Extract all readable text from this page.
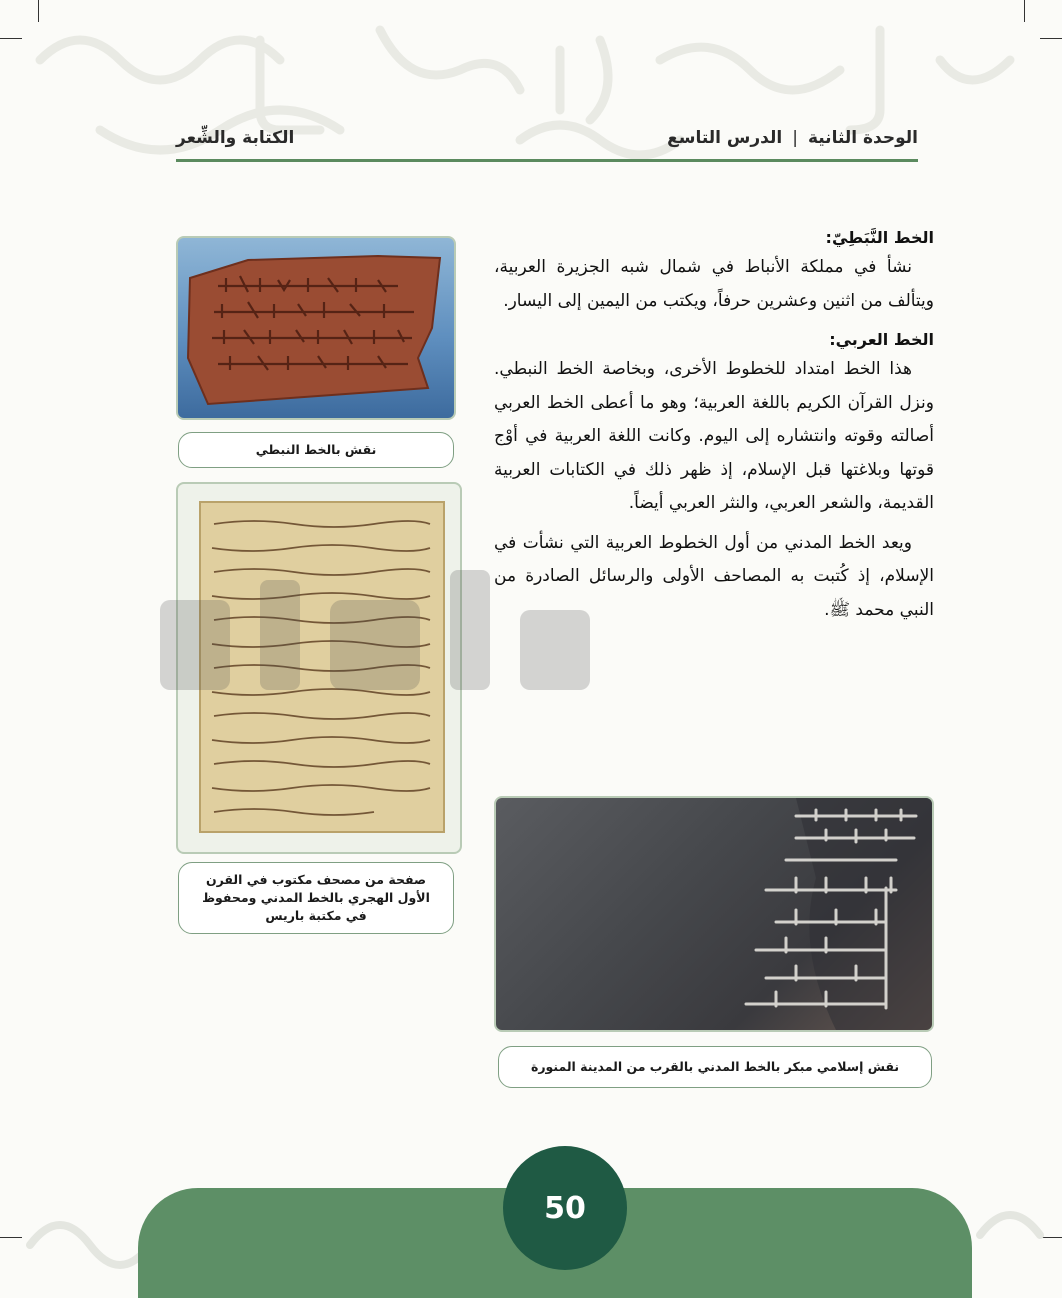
الوحدة الثانية|الدرس التاسع
الكتابة والشِّعر
الخط النَّبَطِيّ:

نشأ في مملكة الأنباط في شمال شبه الجزيرة العربية، ويتألف من اثنين وعشرين حرفاً، ويكتب من اليمين إلى اليسار.

الخط العربي:

هذا الخط امتداد للخطوط الأخرى، وبخاصة الخط النبطي. ونزل القرآن الكريم باللغة العربية؛ وهو ما أعطى الخط العربي أصالته وقوته وانتشاره إلى اليوم. وكانت اللغة العربية في أوْج قوتها وبلاغتها قبل الإسلام، إذ ظهر ذلك في الكتابات العربية القديمة، والشعر العربي، والنثر العربي أيضاً.

ويعد الخط المدني من أول الخطوط العربية التي نشأت في الإسلام، إذ كُتبت به المصاحف الأولى والرسائل الصادرة من النبي محمد ﷺ.

نقش بالخط النبطي
صفحة من مصحف مكتوب في القرن الأول الهجري بالخط المدني ومحفوظ في مكتبة باريس
نقش إسلامي مبكر بالخط المدني بالقرب من المدينة المنورة
50
